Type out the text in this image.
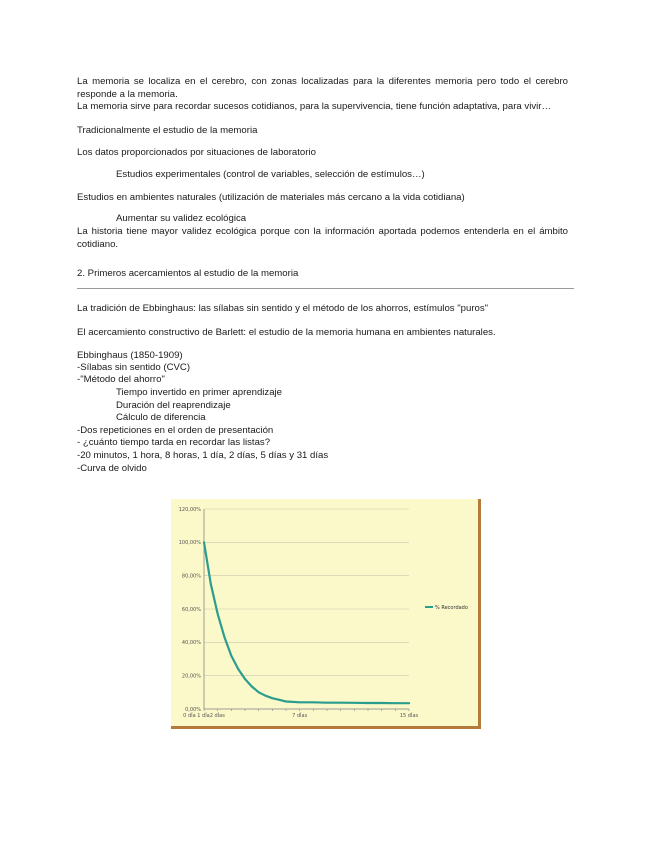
La memoria se localiza en el cerebro, con zonas localizadas para la diferentes memoria pero todo el cerebro responde a la memoria.
La memoria sirve para recordar sucesos cotidianos, para la supervivencia, tiene función adaptativa, para vivir…
Tradicionalmente el estudio de la memoria
Los datos proporcionados por situaciones de laboratorio
Estudios experimentales (control de variables, selección de estímulos…)
Estudios en ambientes naturales (utilización de materiales más cercano a la vida cotidiana)
Aumentar su validez ecológica
La historia tiene mayor validez ecológica porque con la información aportada podemos entenderla en el ámbito cotidiano.
2. Primeros acercamientos al estudio de la memoria
La tradición de Ebbinghaus: las sílabas sin sentido y el método de los ahorros, estímulos "puros"
El acercamiento constructivo de Barlett: el estudio de la memoria humana en ambientes naturales.
Ebbinghaus (1850-1909)
-Sílabas sin sentido (CVC)
-"Método del ahorro"
Tiempo invertido en primer aprendizaje
Duración del reaprendizaje
Cálculo de diferencia
-Dos repeticiones en el orden de presentación
- ¿cuánto tiempo tarda en recordar las listas?
-20 minutos, 1 hora, 8 horas, 1 día, 2 días, 5 días y 31 días
-Curva de olvido
0,00%
20,00%
40,00%
60,00%
80,00%
100,00%
120,00%
0 dÍa 1 dÍa2 dÍas	7 dÍas	15 dÍas
% Recordado
